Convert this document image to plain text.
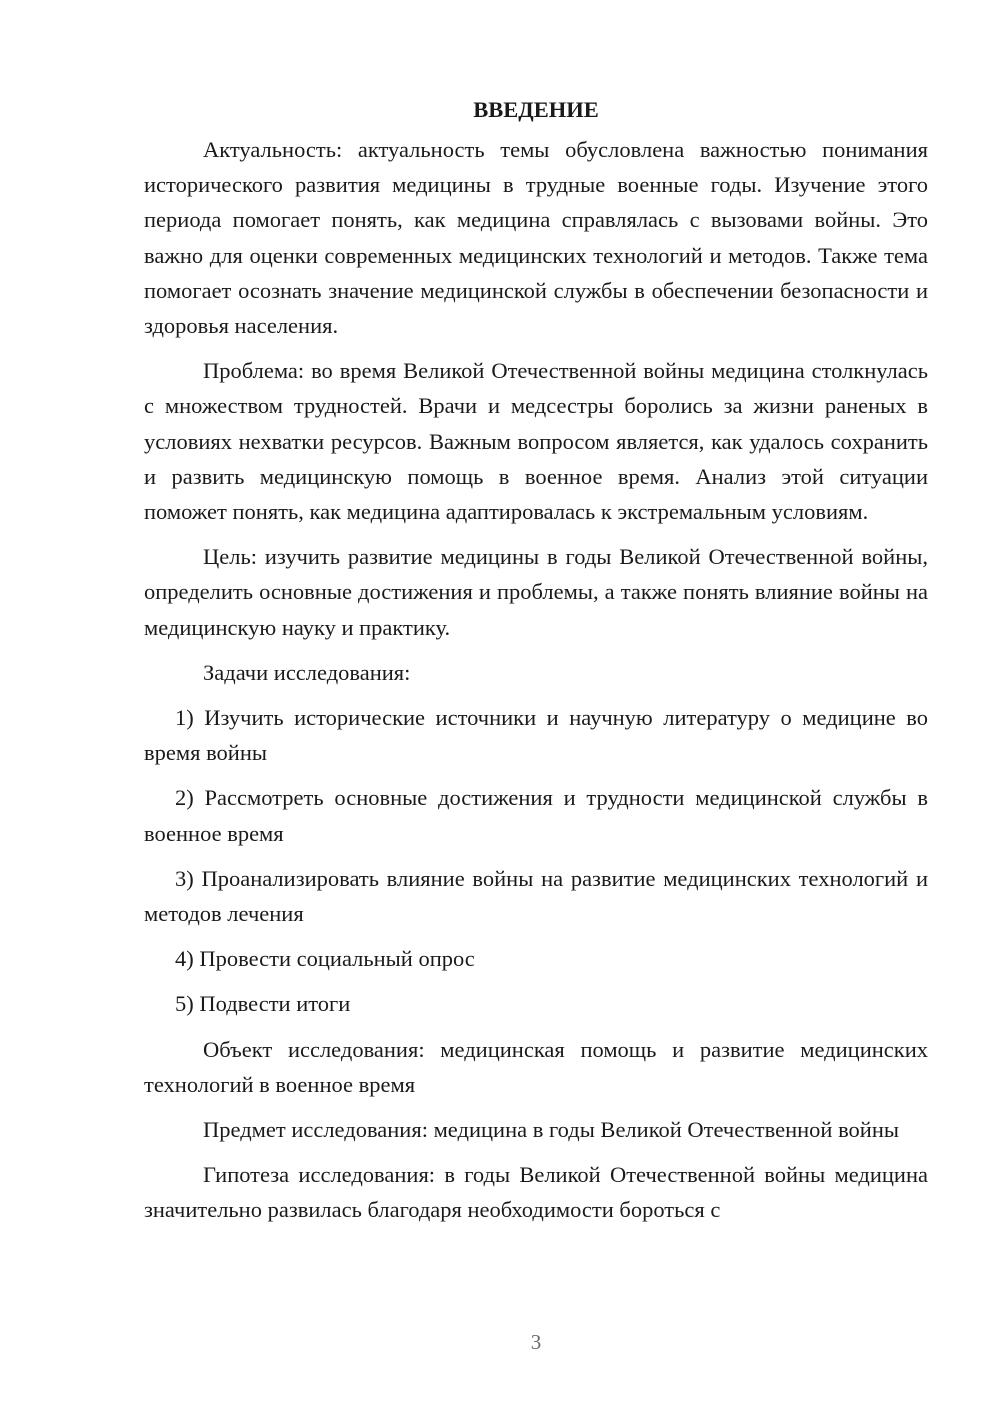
ВВЕДЕНИЕ
Актуальность: актуальность темы обусловлена важностью понимания исторического развития медицины в трудные военные годы. Изучение этого периода помогает понять, как медицина справлялась с вызовами войны. Это важно для оценки современных медицинских технологий и методов. Также тема помогает осознать значение медицинской службы в обеспечении безопасности и здоровья населения.
Проблема: во время Великой Отечественной войны медицина столкнулась с множеством трудностей. Врачи и медсестры боролись за жизни раненых в условиях нехватки ресурсов. Важным вопросом является, как удалось сохранить и развить медицинскую помощь в военное время. Анализ этой ситуации поможет понять, как медицина адаптировалась к экстремальным условиям.
Цель: изучить развитие медицины в годы Великой Отечественной войны, определить основные достижения и проблемы, а также понять влияние войны на медицинскую науку и практику.
Задачи исследования:
1) Изучить исторические источники и научную литературу о медицине во время войны
2) Рассмотреть основные достижения и трудности медицинской службы в военное время
3) Проанализировать влияние войны на развитие медицинских технологий и методов лечения
4) Провести социальный опрос
5) Подвести итоги
Объект исследования: медицинская помощь и развитие медицинских технологий в военное время
Предмет исследования: медицина в годы Великой Отечественной войны
Гипотеза исследования: в годы Великой Отечественной войны медицина значительно развилась благодаря необходимости бороться с
3
